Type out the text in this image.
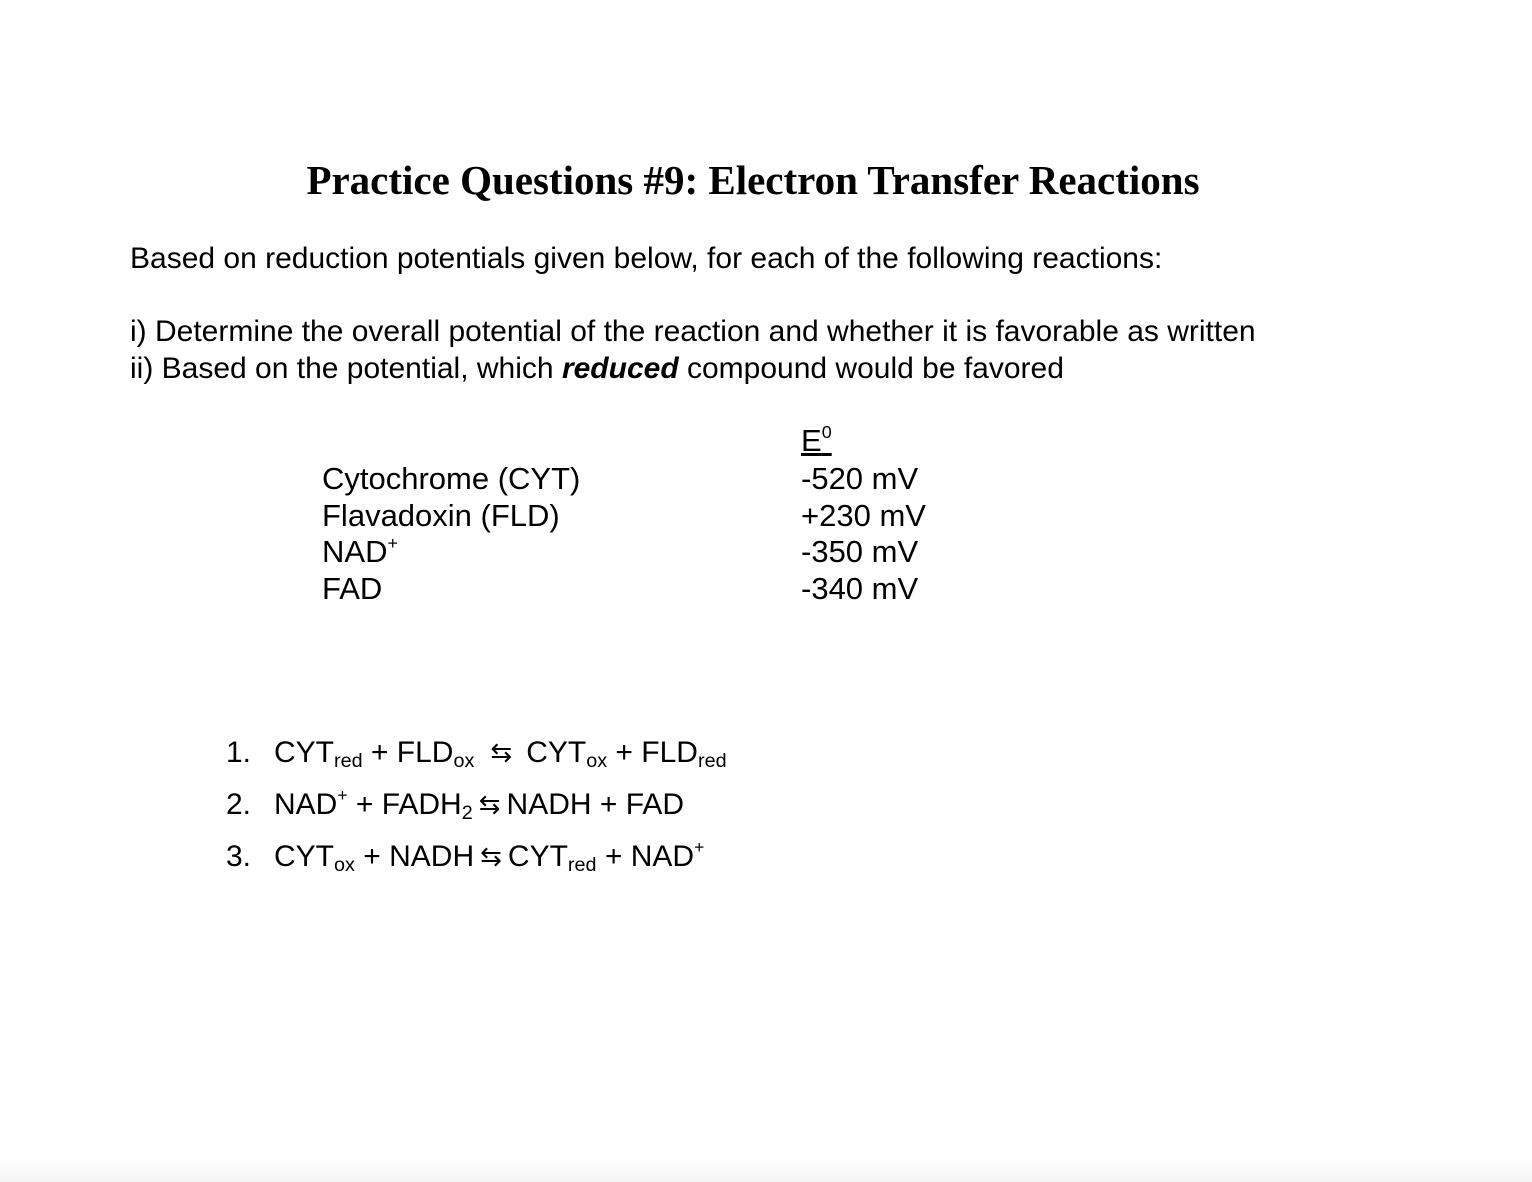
Practice Questions #9: Electron Transfer Reactions
Based on reduction potentials given below, for each of the following reactions:
i) Determine the overall potential of the reaction and whether it is favorable as written
ii) Based on the potential, which reduced compound would be favored
Cytochrome (CYT)
Flavadoxin (FLD)
NAD+
FAD
$E^0$
-520 mV
+230 mV
-350 mV
-340 mV
1. $CYT_{red} + FLD_{ox}$ ⇆ $CYT_{ox} + FLD_{red}$
2. $NAD^+ + FADH_2$ ⇆ NADH + FAD
3. $CYT_{ox}$ + NADH ⇆ $CYT_{red} + NAD^+$
